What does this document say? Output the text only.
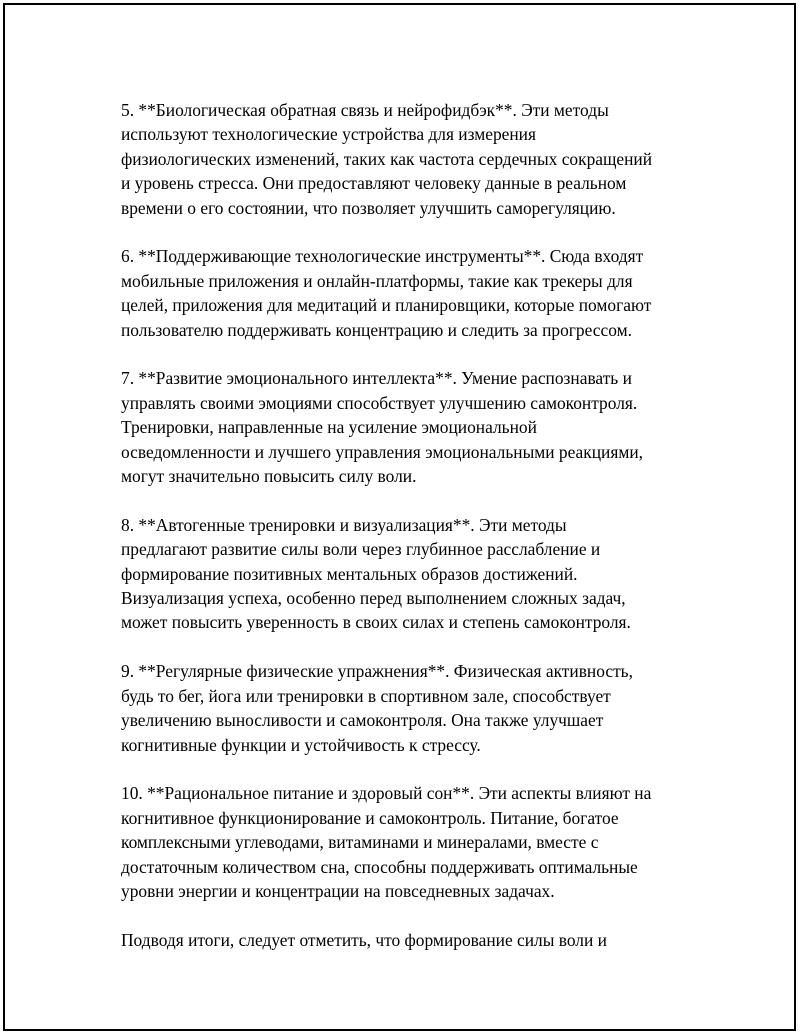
5. **Биологическая обратная связь и нейрофидбэк**. Эти методы
используют технологические устройства для измерения
физиологических изменений, таких как частота сердечных сокращений
и уровень стресса. Они предоставляют человеку данные в реальном
времени о его состоянии, что позволяет улучшить саморегуляцию.

6. **Поддерживающие технологические инструменты**. Сюда входят
мобильные приложения и онлайн-платформы, такие как трекеры для
целей, приложения для медитаций и планировщики, которые помогают
пользователю поддерживать концентрацию и следить за прогрессом.

7. **Развитие эмоционального интеллекта**. Умение распознавать и
управлять своими эмоциями способствует улучшению самоконтроля.
Тренировки, направленные на усиление эмоциональной
осведомленности и лучшего управления эмоциональными реакциями,
могут значительно повысить силу воли.

8. **Автогенные тренировки и визуализация**. Эти методы
предлагают развитие силы воли через глубинное расслабление и
формирование позитивных ментальных образов достижений.
Визуализация успеха, особенно перед выполнением сложных задач,
может повысить уверенность в своих силах и степень самоконтроля.

9. **Регулярные физические упражнения**. Физическая активность,
будь то бег, йога или тренировки в спортивном зале, способствует
увеличению выносливости и самоконтроля. Она также улучшает
когнитивные функции и устойчивость к стрессу.

10. **Рациональное питание и здоровый сон**. Эти аспекты влияют на
когнитивное функционирование и самоконтроль. Питание, богатое
комплексными углеводами, витаминами и минералами, вместе с
достаточным количеством сна, способны поддерживать оптимальные
уровни энергии и концентрации на повседневных задачах.

Подводя итоги, следует отметить, что формирование силы воли и
